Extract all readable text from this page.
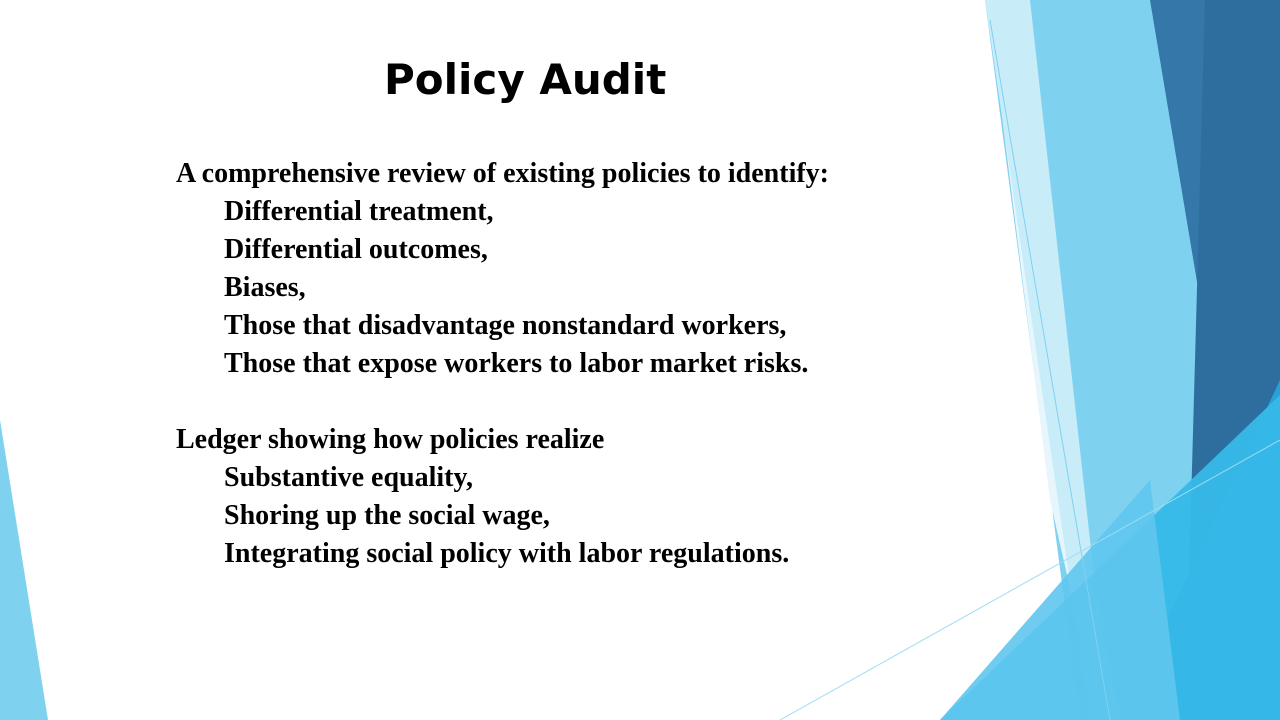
Policy Audit
A comprehensive review of existing policies to identify:
Differential treatment,
Differential outcomes,
Biases,
Those that disadvantage nonstandard workers,
Those that expose workers to labor market risks.
Ledger showing how policies realize
Substantive equality,
Shoring up the social wage,
Integrating social policy with labor regulations.
